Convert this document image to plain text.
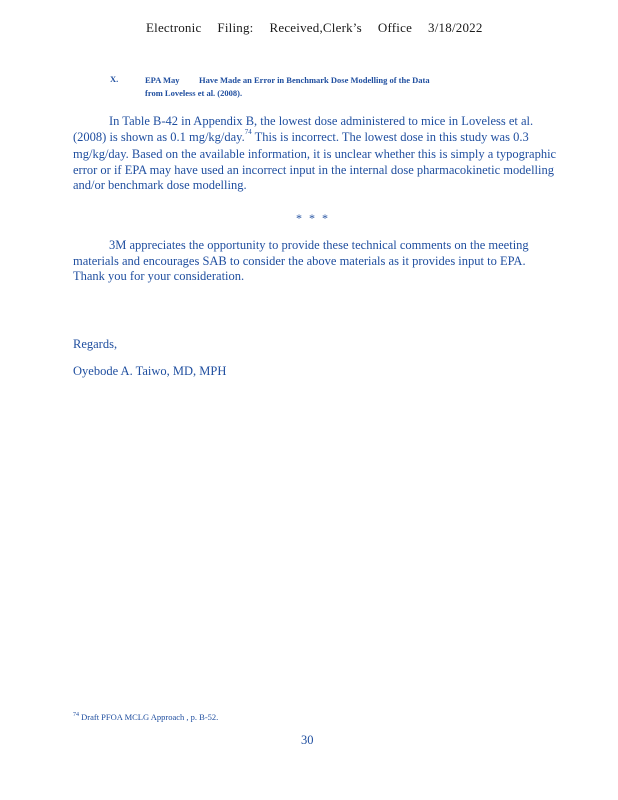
Electronic Filing: Received,Clerk’s Office 3/18/2022
X.	EPA May Have Made an Error in Benchmark Dose Modelling of the Data
from Loveless et al. (2008).
In Table B-42 in Appendix B, the lowest dose administered to mice in Loveless et al.
(2008) is shown as 0.1 mg/kg/day.$^{74}$ This is incorrect. The lowest dose in this study was 0.3
mg/kg/day. Based on the available information, it is unclear whether this is simply a typographic
error or if EPA may have used an incorrect input in the internal dose pharmacokinetic modelling
and/or benchmark dose modelling.
* * *
3M appreciates the opportunity to provide these technical comments on the meeting
materials and encourages SAB to consider the above materials as it provides input to EPA.
Thank you for your consideration.
Regards,
Oyebode A. Taiwo, MD, MPH
$^{74}$ Draft PFOA MCLG Approach , p. B-52.
30
